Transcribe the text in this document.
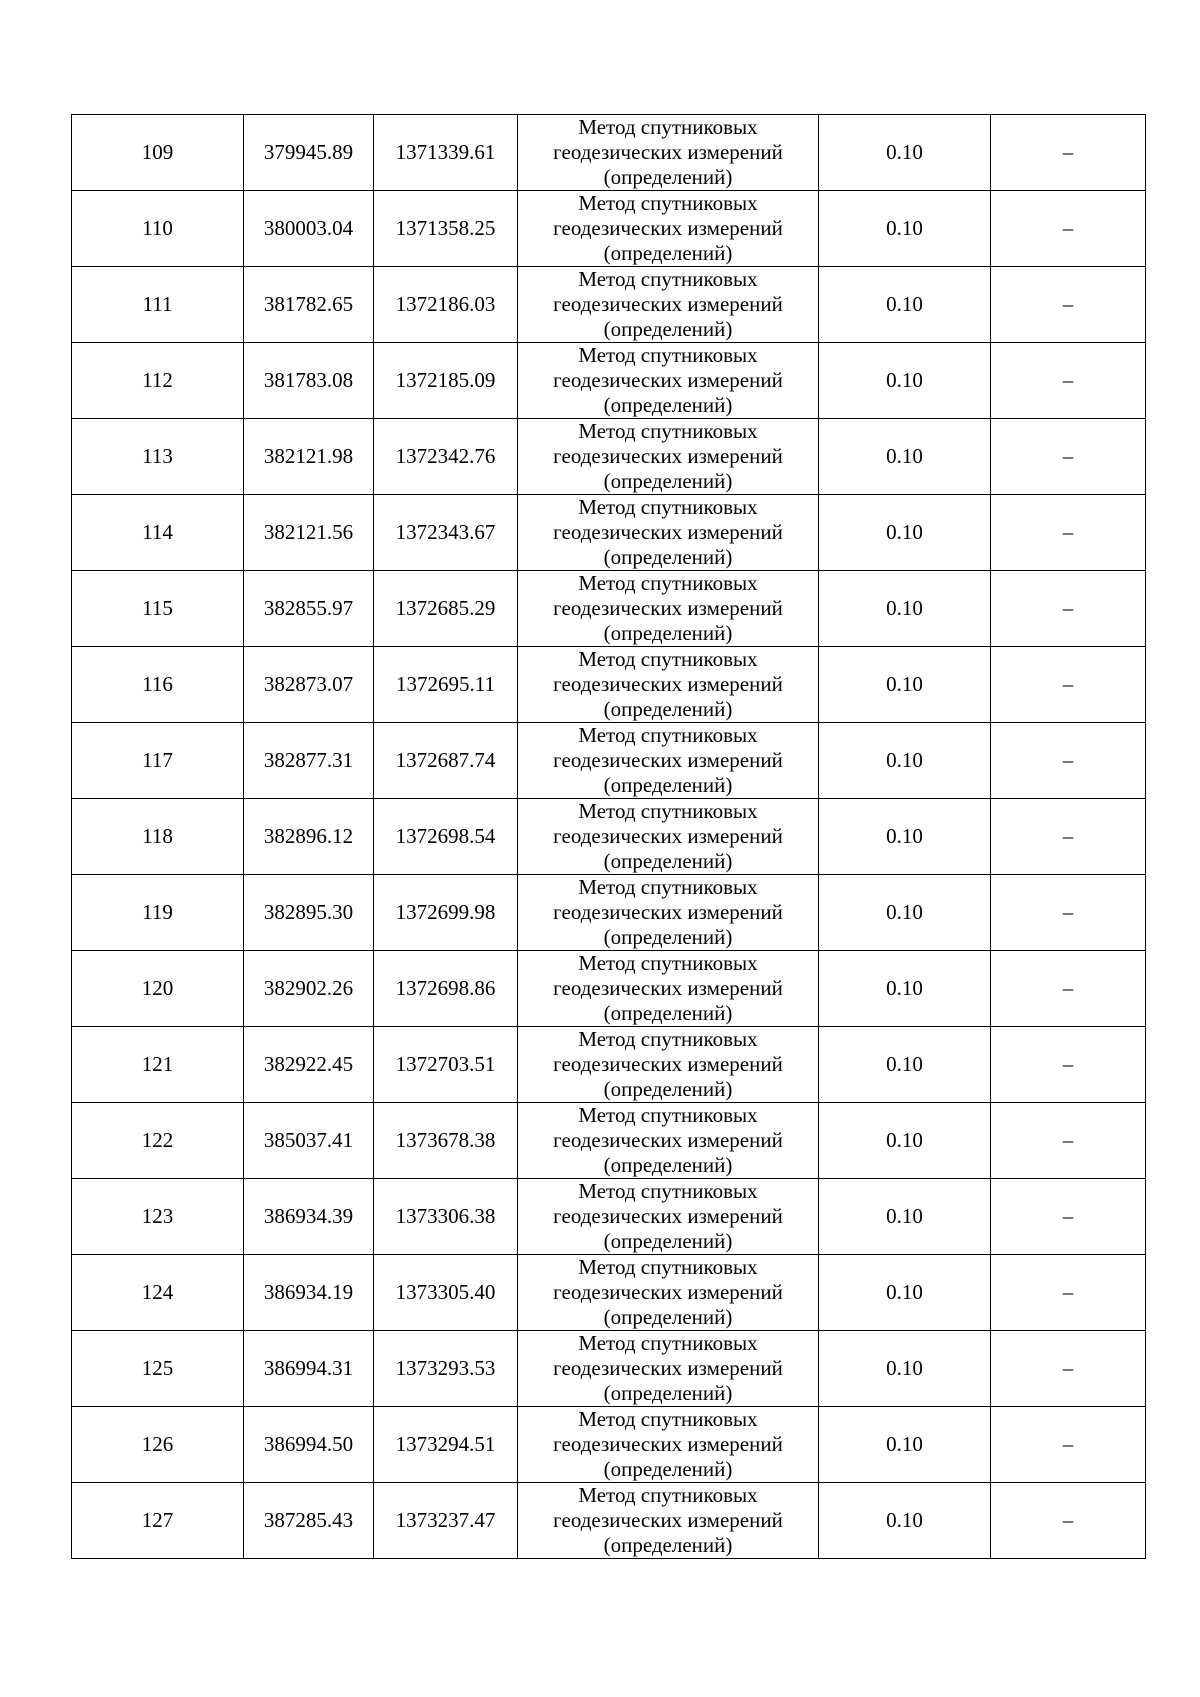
109	379945.89	1371339.61	Метод спутниковых
геодезических измерений
(определений)	0.10	–
110	380003.04	1371358.25	Метод спутниковых
геодезических измерений
(определений)	0.10	–
111	381782.65	1372186.03	Метод спутниковых
геодезических измерений
(определений)	0.10	–
112	381783.08	1372185.09	Метод спутниковых
геодезических измерений
(определений)	0.10	–
113	382121.98	1372342.76	Метод спутниковых
геодезических измерений
(определений)	0.10	–
114	382121.56	1372343.67	Метод спутниковых
геодезических измерений
(определений)	0.10	–
115	382855.97	1372685.29	Метод спутниковых
геодезических измерений
(определений)	0.10	–
116	382873.07	1372695.11	Метод спутниковых
геодезических измерений
(определений)	0.10	–
117	382877.31	1372687.74	Метод спутниковых
геодезических измерений
(определений)	0.10	–
118	382896.12	1372698.54	Метод спутниковых
геодезических измерений
(определений)	0.10	–
119	382895.30	1372699.98	Метод спутниковых
геодезических измерений
(определений)	0.10	–
120	382902.26	1372698.86	Метод спутниковых
геодезических измерений
(определений)	0.10	–
121	382922.45	1372703.51	Метод спутниковых
геодезических измерений
(определений)	0.10	–
122	385037.41	1373678.38	Метод спутниковых
геодезических измерений
(определений)	0.10	–
123	386934.39	1373306.38	Метод спутниковых
геодезических измерений
(определений)	0.10	–
124	386934.19	1373305.40	Метод спутниковых
геодезических измерений
(определений)	0.10	–
125	386994.31	1373293.53	Метод спутниковых
геодезических измерений
(определений)	0.10	–
126	386994.50	1373294.51	Метод спутниковых
геодезических измерений
(определений)	0.10	–
127	387285.43	1373237.47	Метод спутниковых
геодезических измерений
(определений)	0.10	–
